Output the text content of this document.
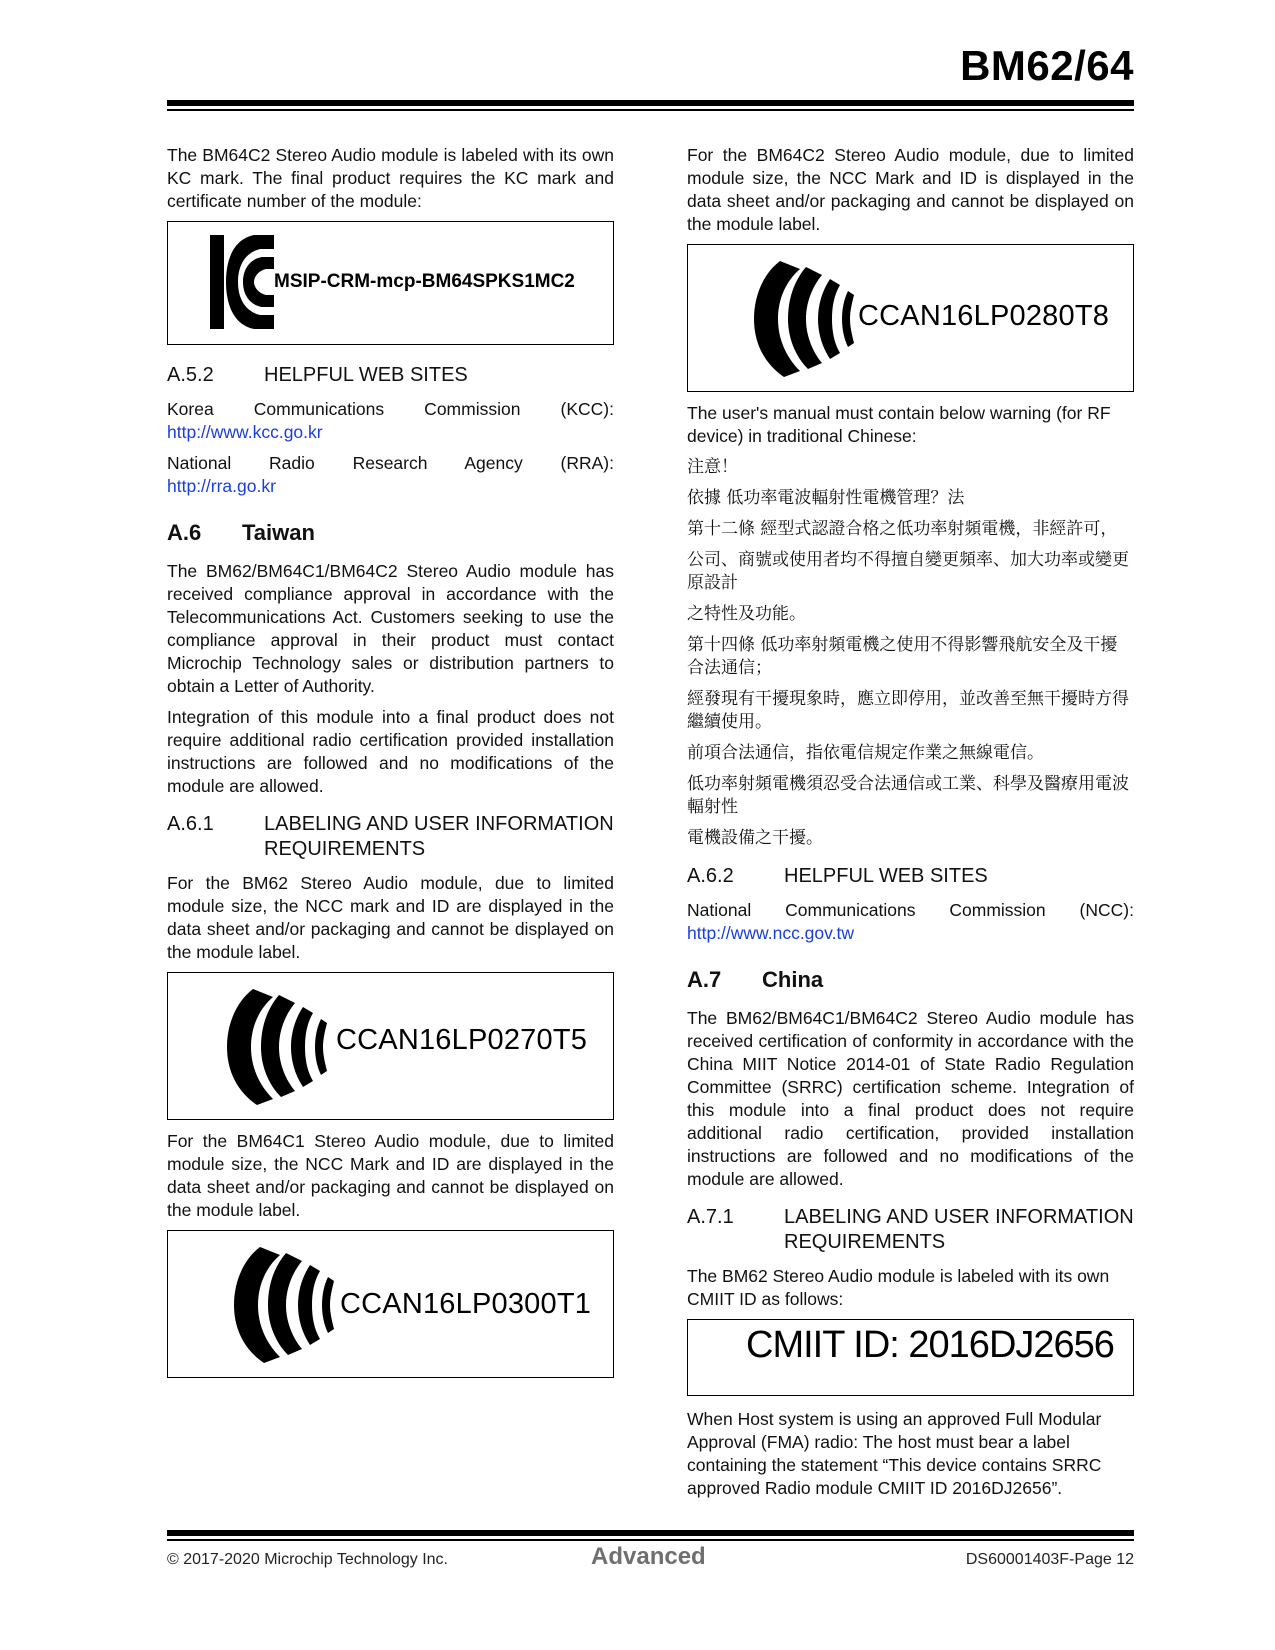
BM62/64

The BM64C2 Stereo Audio module is labeled with its own KC mark. The final product requires the KC mark and certificate number of the module:

MSIP-CRM-mcp-BM64SPKS1MC2
A.5.2	HELPFUL WEB SITES

Korea Communications Commission (KCC):

http://www.kcc.go.kr

National Radio Research Agency (RRA):

http://rra.go.kr

A.6	Taiwan

The BM62/BM64C1/BM64C2 Stereo Audio module has received compliance approval in accordance with the Telecommunications Act. Customers seeking to use the compliance approval in their product must contact Microchip Technology sales or distribution partners to obtain a Letter of Authority.

Integration of this module into a final product does not require additional radio certification provided installation instructions are followed and no modifications of the module are allowed.

A.6.1	LABELING AND USER INFORMATION REQUIREMENTS

For the BM62 Stereo Audio module, due to limited module size, the NCC mark and ID are displayed in the data sheet and/or packaging and cannot be displayed on the module label.

CCAN16LP0270T5

For the BM64C1 Stereo Audio module, due to limited module size, the NCC Mark and ID are displayed in the data sheet and/or packaging and cannot be displayed on the module label.

CCAN16LP0300T1

For the BM64C2 Stereo Audio module, due to limited module size, the NCC Mark and ID is displayed in the data sheet and/or packaging and cannot be displayed on the module label.

CCAN16LP0280T8

The user's manual must contain below warning (for RF device) in traditional Chinese:

注意！

依據 低功率電波輻射性電機管理？法

第十二條 經型式認證合格之低功率射頻電機，非經許可，

公司、商號或使用者均不得擅自變更頻率、加大功率或變更原設計

之特性及功能。

第十四條 低功率射頻電機之使用不得影響飛航安全及干擾合法通信；

經發現有干擾現象時，應立即停用，並改善至無干擾時方得繼續使用。

前項合法通信，指依電信規定作業之無線電信。

低功率射頻電機須忍受合法通信或工業、科學及醫療用電波輻射性

電機設備之干擾。

A.6.2	HELPFUL WEB SITES

National Communications Commission (NCC):

http://www.ncc.gov.tw

A.7	China

The BM62/BM64C1/BM64C2 Stereo Audio module has received certification of conformity in accordance with the China MIIT Notice 2014-01 of State Radio Regulation Committee (SRRC) certification scheme. Integration of this module into a final product does not require additional radio certification, provided installation instructions are followed and no modifications of the module are allowed.

A.7.1	LABELING AND USER INFORMATION REQUIREMENTS

The BM62 Stereo Audio module is labeled with its own CMIIT ID as follows:

CMIIT ID: 2016DJ2656

When Host system is using an approved Full Modular Approval (FMA) radio: The host must bear a label containing the statement “This device contains SRRC approved Radio module CMIIT ID 2016DJ2656”.

© 2017-2020 Microchip Technology Inc.	Advanced	DS60001403F-Page 12
